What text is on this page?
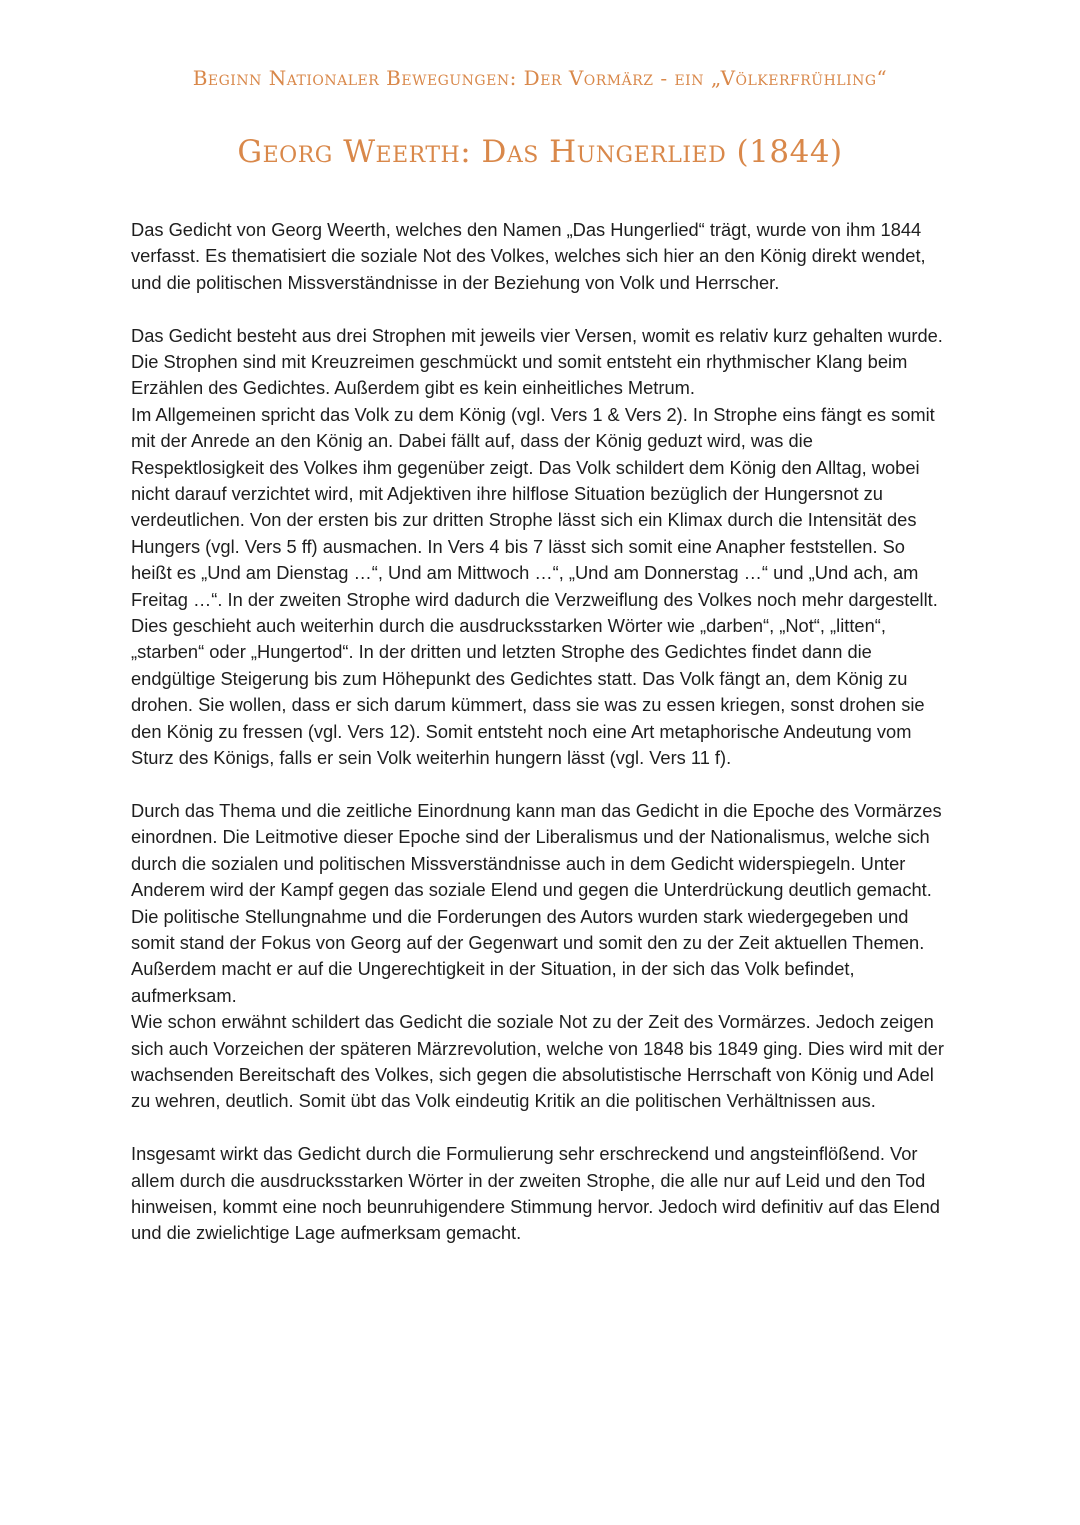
Beginn Nationaler Bewegungen: Der Vormärz - ein „Völkerfrühling“
Georg Weerth: Das Hungerlied (1844)

Das Gedicht von Georg Weerth, welches den Namen „Das Hungerlied“ trägt, wurde von ihm 1844 verfasst. Es thematisiert die soziale Not des Volkes, welches sich hier an den König direkt wendet, und die politischen Missverständnisse in der Beziehung von Volk und Herrscher.

Das Gedicht besteht aus drei Strophen mit jeweils vier Versen, womit es relativ kurz gehalten wurde. Die Strophen sind mit Kreuzreimen geschmückt und somit entsteht ein rhythmischer Klang beim Erzählen des Gedichtes. Außerdem gibt es kein einheitliches Metrum.

Im Allgemeinen spricht das Volk zu dem König (vgl. Vers 1 & Vers 2). In Strophe eins fängt es somit mit der Anrede an den König an. Dabei fällt auf, dass der König geduzt wird, was die Respektlosigkeit des Volkes ihm gegenüber zeigt. Das Volk schildert dem König den Alltag, wobei nicht darauf verzichtet wird, mit Adjektiven ihre hilflose Situation bezüglich der Hungersnot zu verdeutlichen. Von der ersten bis zur dritten Strophe lässt sich ein Klimax durch die Intensität des Hungers (vgl. Vers 5 ff) ausmachen. In Vers 4 bis 7 lässt sich somit eine Anapher feststellen. So heißt es „Und am Dienstag …“, Und am Mittwoch …“, „Und am Donnerstag …“ und „Und ach, am Freitag …“. In der zweiten Strophe wird dadurch die Verzweiflung des Volkes noch mehr dargestellt. Dies geschieht auch weiterhin durch die ausdrucksstarken Wörter wie „darben“, „Not“, „litten“, „starben“ oder „Hungertod“. In der dritten und letzten Strophe des Gedichtes findet dann die endgültige Steigerung bis zum Höhepunkt des Gedichtes statt. Das Volk fängt an, dem König zu drohen. Sie wollen, dass er sich darum kümmert, dass sie was zu essen kriegen, sonst drohen sie den König zu fressen (vgl. Vers 12). Somit entsteht noch eine Art metaphorische Andeutung vom Sturz des Königs, falls er sein Volk weiterhin hungern lässt (vgl. Vers 11 f).

Durch das Thema und die zeitliche Einordnung kann man das Gedicht in die Epoche des Vormärzes einordnen. Die Leitmotive dieser Epoche sind der Liberalismus und der Nationalismus, welche sich durch die sozialen und politischen Missverständnisse auch in dem Gedicht widerspiegeln. Unter Anderem wird der Kampf gegen das soziale Elend und gegen die Unterdrückung deutlich gemacht. Die politische Stellungnahme und die Forderungen des Autors wurden stark wiedergegeben und somit stand der Fokus von Georg auf der Gegenwart und somit den zu der Zeit aktuellen Themen. Außerdem macht er auf die Ungerechtigkeit in der Situation, in der sich das Volk befindet, aufmerksam.

Wie schon erwähnt schildert das Gedicht die soziale Not zu der Zeit des Vormärzes. Jedoch zeigen sich auch Vorzeichen der späteren Märzrevolution, welche von 1848 bis 1849 ging. Dies wird mit der wachsenden Bereitschaft des Volkes, sich gegen die absolutistische Herrschaft von König und Adel zu wehren, deutlich. Somit übt das Volk eindeutig Kritik an die politischen Verhältnissen aus.

Insgesamt wirkt das Gedicht durch die Formulierung sehr erschreckend und angsteinflößend. Vor allem durch die ausdrucksstarken Wörter in der zweiten Strophe, die alle nur auf Leid und den Tod hinweisen, kommt eine noch beunruhigendere Stimmung hervor. Jedoch wird definitiv auf das Elend und die zwielichtige Lage aufmerksam gemacht.
